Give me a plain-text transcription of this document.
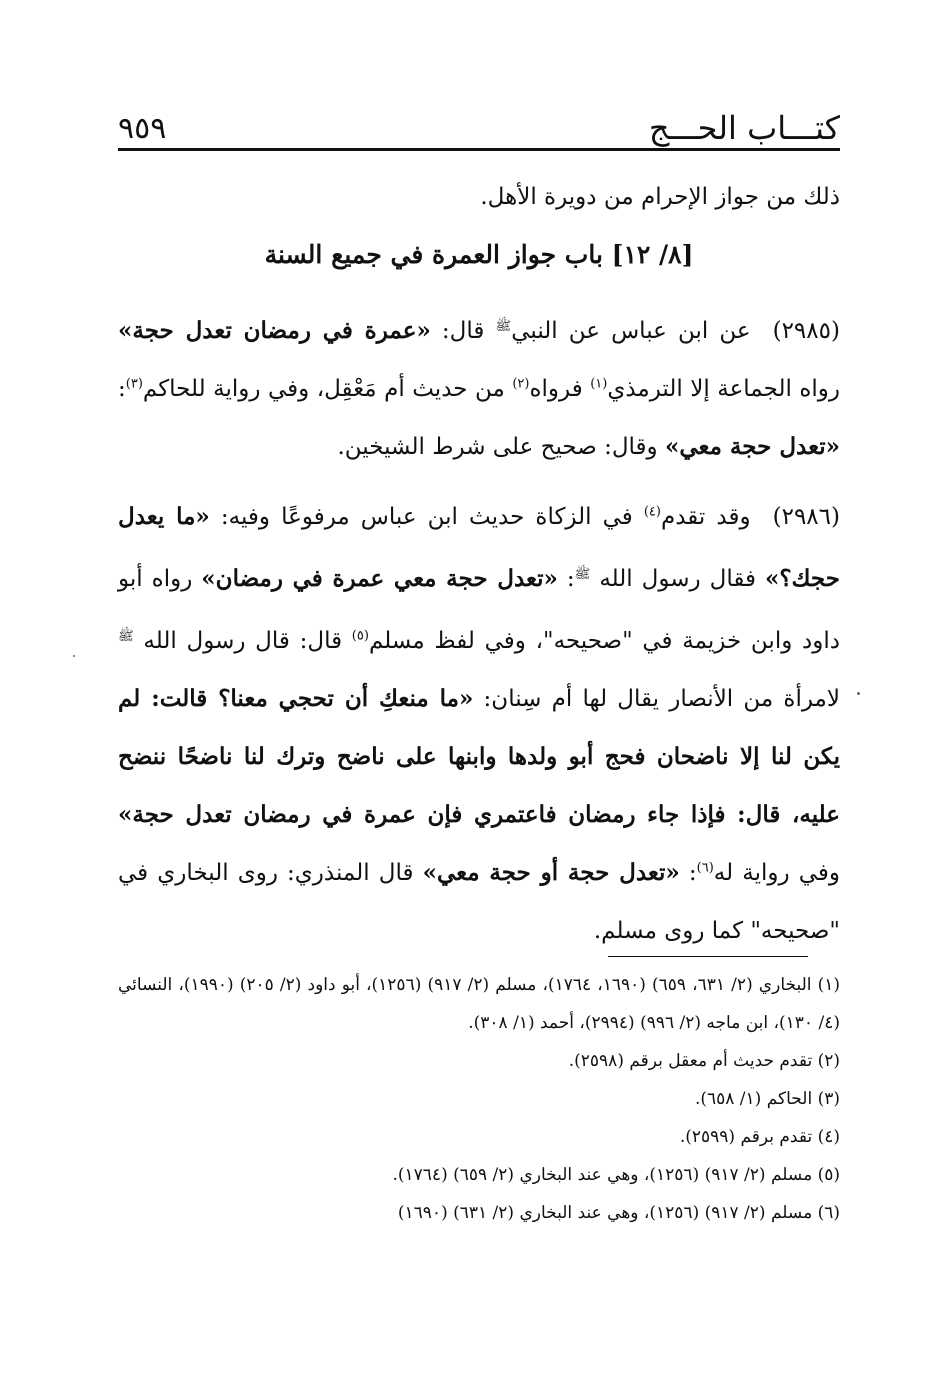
كتـــاب الحـــج
٩٥٩

ذلك من جواز الإحرام من دويرة الأهل.

[٨/ ١٢] باب جواز العمرة في جميع السنة

(٢٩٨٥)عن ابن عباس عن النبي$^ﷺ$ قال: «عمرة في رمضان تعدل حجة» رواه الجماعة إلا الترمذي$^{(١)}$ فرواه$^{(٢)}$ من حديث أم مَعْقِل، وفي رواية للحاكم$^{(٣)}$: «تعدل حجة معي» وقال: صحيح على شرط الشيخين.

(٢٩٨٦)وقد تقدم$^{(٤)}$ في الزكاة حديث ابن عباس مرفوعًا وفيه: «ما يعدل حجك؟» فقال رسول الله $^ﷺ$: «تعدل حجة معي عمرة في رمضان» رواه أبو داود وابن خزيمة في "صحيحه"، وفي لفظ مسلم$^{(٥)}$ قال: قال رسول الله $^ﷺ$ لامرأة من الأنصار يقال لها أم سِنان: «ما منعكِ أن تحجي معنا؟ قالت: لم يكن لنا إلا ناضحان فحج أبو ولدها وابنها على ناضح وترك لنا ناضحًا ننضح عليه، قال: فإذا جاء رمضان فاعتمري فإن عمرة في رمضان تعدل حجة» وفي رواية له$^{(٦)}$: «تعدل حجة أو حجة معي» قال المنذري: روى البخاري في "صحيحه" كما روى مسلم.

(١) البخاري (٢/ ٦٣١، ٦٥٩) (١٦٩٠، ١٧٦٤)، مسلم (٢/ ٩١٧) (١٢٥٦)، أبو داود (٢/ ٢٠٥) (١٩٩٠)، النسائي (٤/ ١٣٠)، ابن ماجه (٢/ ٩٩٦) (٢٩٩٤)، أحمد (١/ ٣٠٨).

(٢) تقدم حديث أم معقل برقم (٢٥٩٨).

(٣) الحاكم (١/ ٦٥٨).

(٤) تقدم برقم (٢٥٩٩).

(٥) مسلم (٢/ ٩١٧) (١٢٥٦)، وهي عند البخاري (٢/ ٦٥٩) (١٧٦٤).

(٦) مسلم (٢/ ٩١٧) (١٢٥٦)، وهي عند البخاري (٢/ ٦٣١) (١٦٩٠)
